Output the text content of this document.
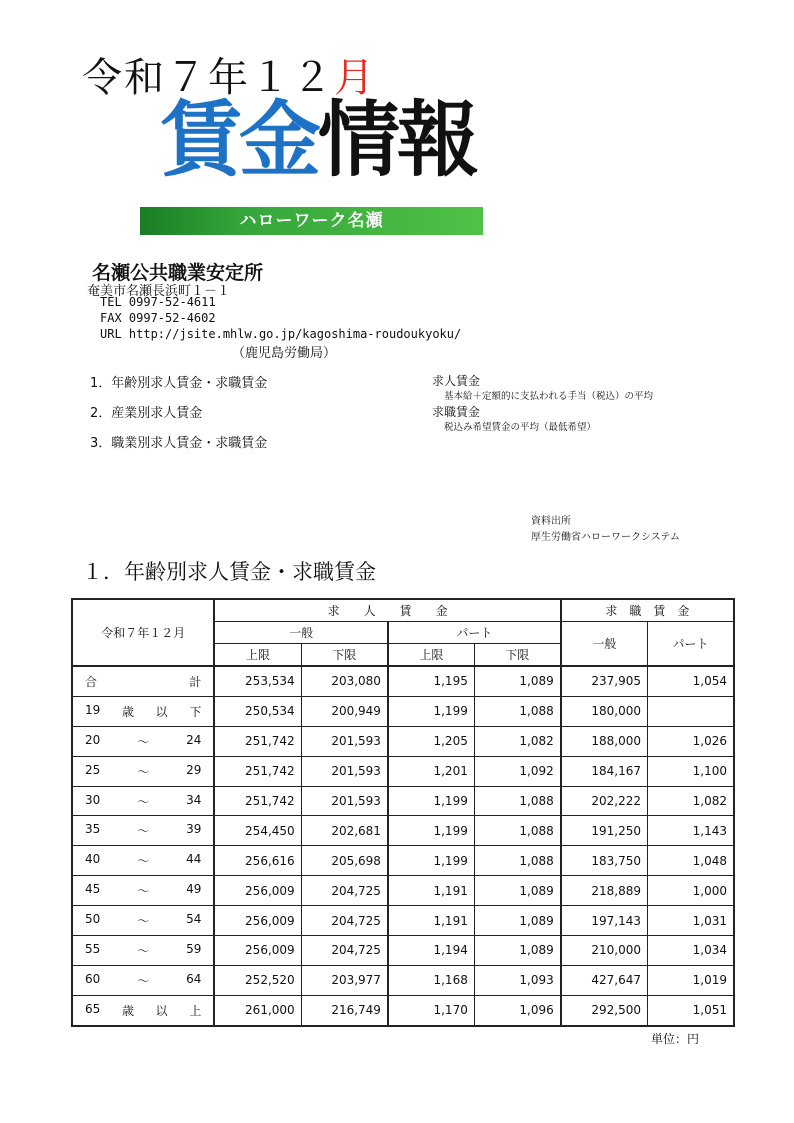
令和７年１２月
賃金情報
ハローワーク名瀬
名瀬公共職業安定所
奄美市名瀬長浜町１－１
TEL 0997-52-4611
FAX 0997-52-4602
URL http://jsite.mhlw.go.jp/kagoshima-roudoukyoku/
（鹿児島労働局）
1．年齢別求人賃金・求職賃金
2．産業別求人賃金
3．職業別求人賃金・求職賃金
求人賃金
基本給＋定額的に支払われる手当（税込）の平均
求職賃金
税込み希望賃金の平均（最低希望）
資料出所
厚生労働省ハローワークシステム
１．年齢別求人賃金・求職賃金
令和７年１２月	求　　人　　賃　　金				求　職　賃　金	
	一般		パート		一般	パート
	上限	下限	上限	下限		

合 計	253,534	203,080	1,195	1,089	237,905	1,054

19 歳 以 下	250,534	200,949	1,199	1,088	180,000	

20 ～ 24	251,742	201,593	1,205	1,082	188,000	1,026

25 ～ 29	251,742	201,593	1,201	1,092	184,167	1,100

30 ～ 34	251,742	201,593	1,199	1,088	202,222	1,082

35 ～ 39	254,450	202,681	1,199	1,088	191,250	1,143

40 ～ 44	256,616	205,698	1,199	1,088	183,750	1,048

45 ～ 49	256,009	204,725	1,191	1,089	218,889	1,000

50 ～ 54	256,009	204,725	1,191	1,089	197,143	1,031

55 ～ 59	256,009	204,725	1,194	1,089	210,000	1,034

60 ～ 64	252,520	203,977	1,168	1,093	427,647	1,019

65 歳 以 上	261,000	216,749	1,170	1,096	292,500	1,051
単位：円
